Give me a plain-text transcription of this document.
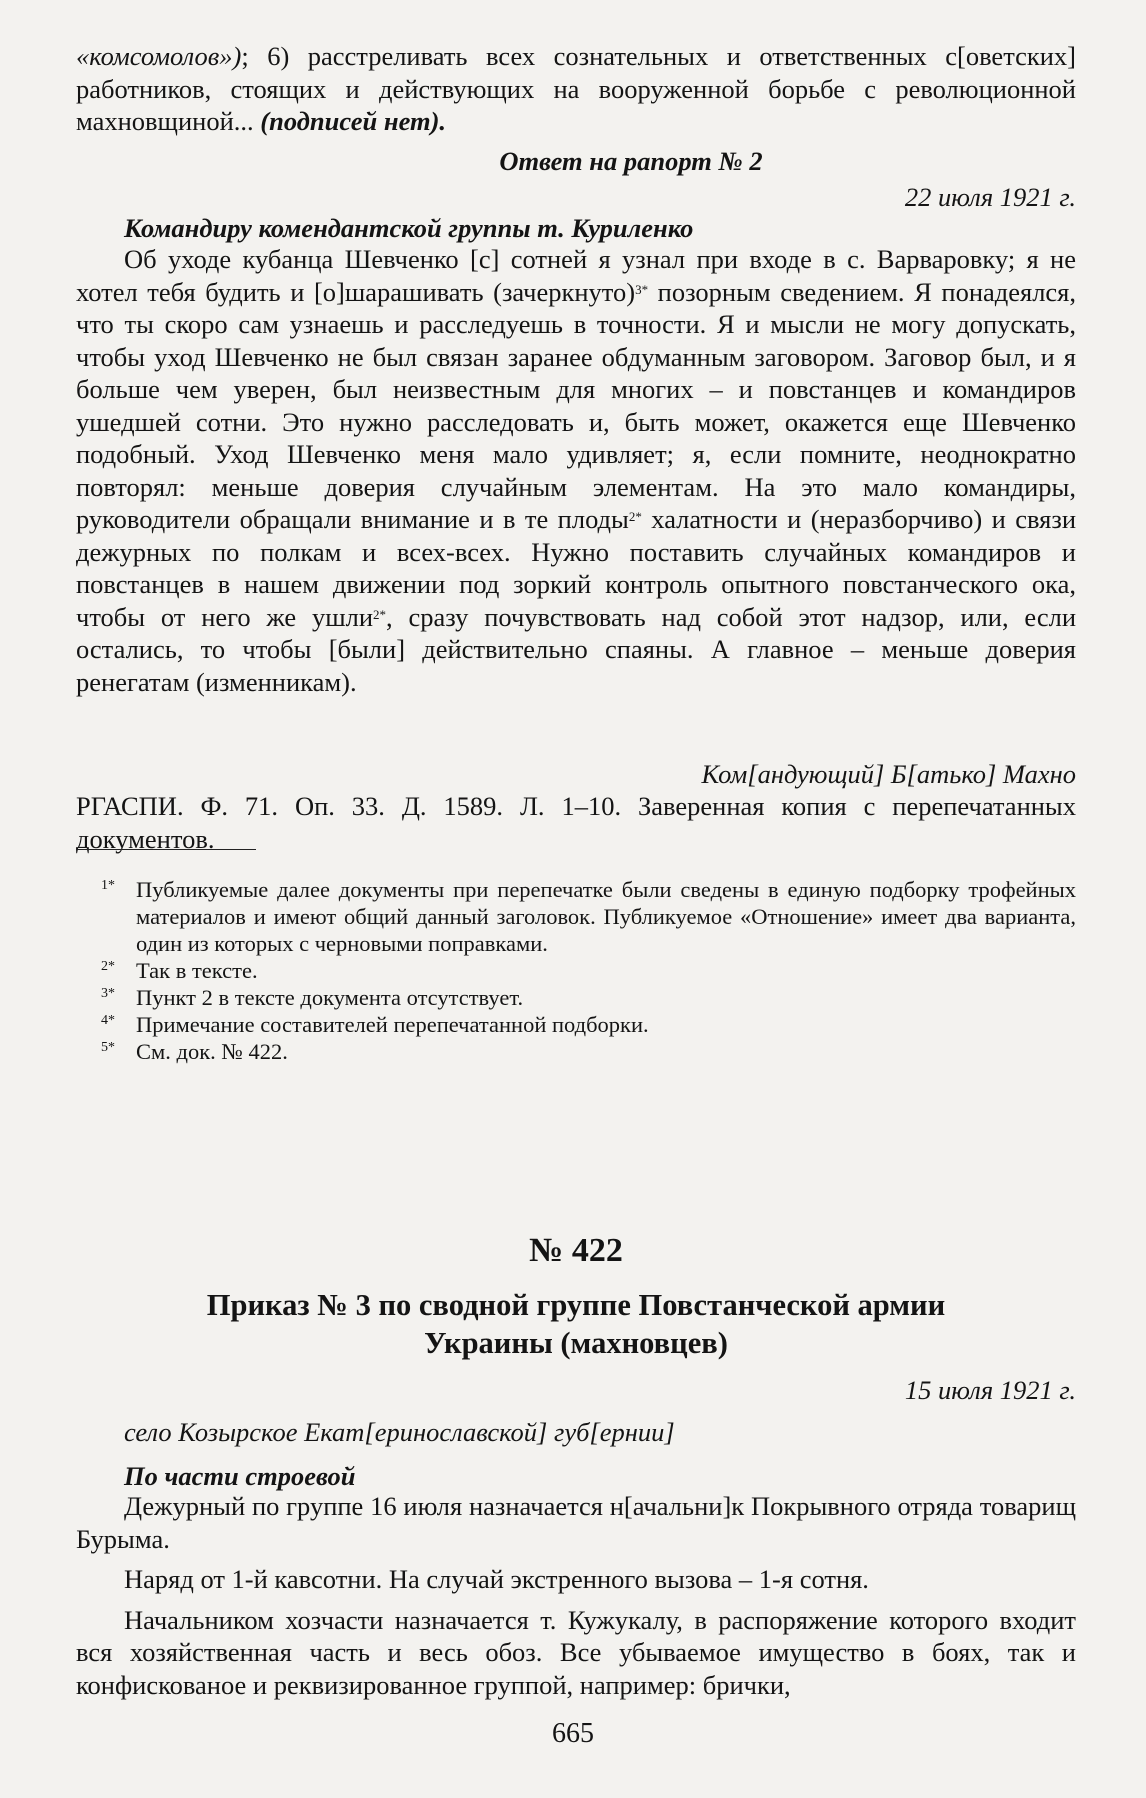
«комсомолов»); 6) расстреливать всех сознательных и ответственных с[оветских] работников, стоящих и действующих на вооруженной борьбе с революционной махновщиной... (подписей нет).

Ответ на рапорт № 2
22 июля 1921 г.
Командиру комендантской группы т. Куриленко

Об уходе кубанца Шевченко [с] сотней я узнал при входе в с. Варваровку; я не хотел тебя будить и [о]шарашивать (зачеркнуто)$^{3*}$ позорным сведением. Я понадеялся, что ты скоро сам узнаешь и расследуешь в точности. Я и мысли не могу допускать, чтобы уход Шевченко не был связан заранее обдуманным заговором. Заговор был, и я больше чем уверен, был неизвестным для многих – и повстанцев и командиров ушедшей сотни. Это нужно расследовать и, быть может, окажется еще Шевченко подобный. Уход Шевченко меня мало удивляет; я, если помните, неоднократно повторял: меньше доверия случайным элементам. На это мало командиры, руководители обращали внимание и в те плоды$^{2*}$ халатности и (неразборчиво) и связи дежурных по полкам и всех-всех. Нужно поставить случайных командиров и повстанцев в нашем движении под зоркий контроль опытного повстанческого ока, чтобы от него же ушли$^{2*}$, сразу почувствовать над собой этот надзор, или, если остались, то чтобы [были] действительно спаяны. А главное – меньше доверия ренегатам (изменникам).

Ком[андующий] Б[атько] Махно

РГАСПИ. Ф. 71. Оп. 33. Д. 1589. Л. 1–10. Заверенная копия с перепечатанных документов.

1* Публикуемые далее документы при перепечатке были сведены в единую подборку трофейных материалов и имеют общий данный заголовок. Публикуемое «Отношение» имеет два варианта, один из которых с черновыми поправками.
2* Так в тексте.
3* Пункт 2 в тексте документа отсутствует.
4* Примечание составителей перепечатанной подборки.
5* См. док. № 422.
№ 422
Приказ № 3 по сводной группе Повстанческой армии
Украины (махновцев)
15 июля 1921 г.
село Козырское Екат[еринославской] губ[ернии]
По части строевой

Дежурный по группе 16 июля назначается н[ачальни]к Покрывного отряда товарищ Бурыма.

Наряд от 1-й кавсотни. На случай экстренного вызова – 1-я сотня.

Начальником хозчасти назначается т. Кужукалу, в распоряжение которого входит вся хозяйственная часть и весь обоз. Все убываемое имущество в боях, так и конфискованое и реквизированное группой, например: брички,

665
